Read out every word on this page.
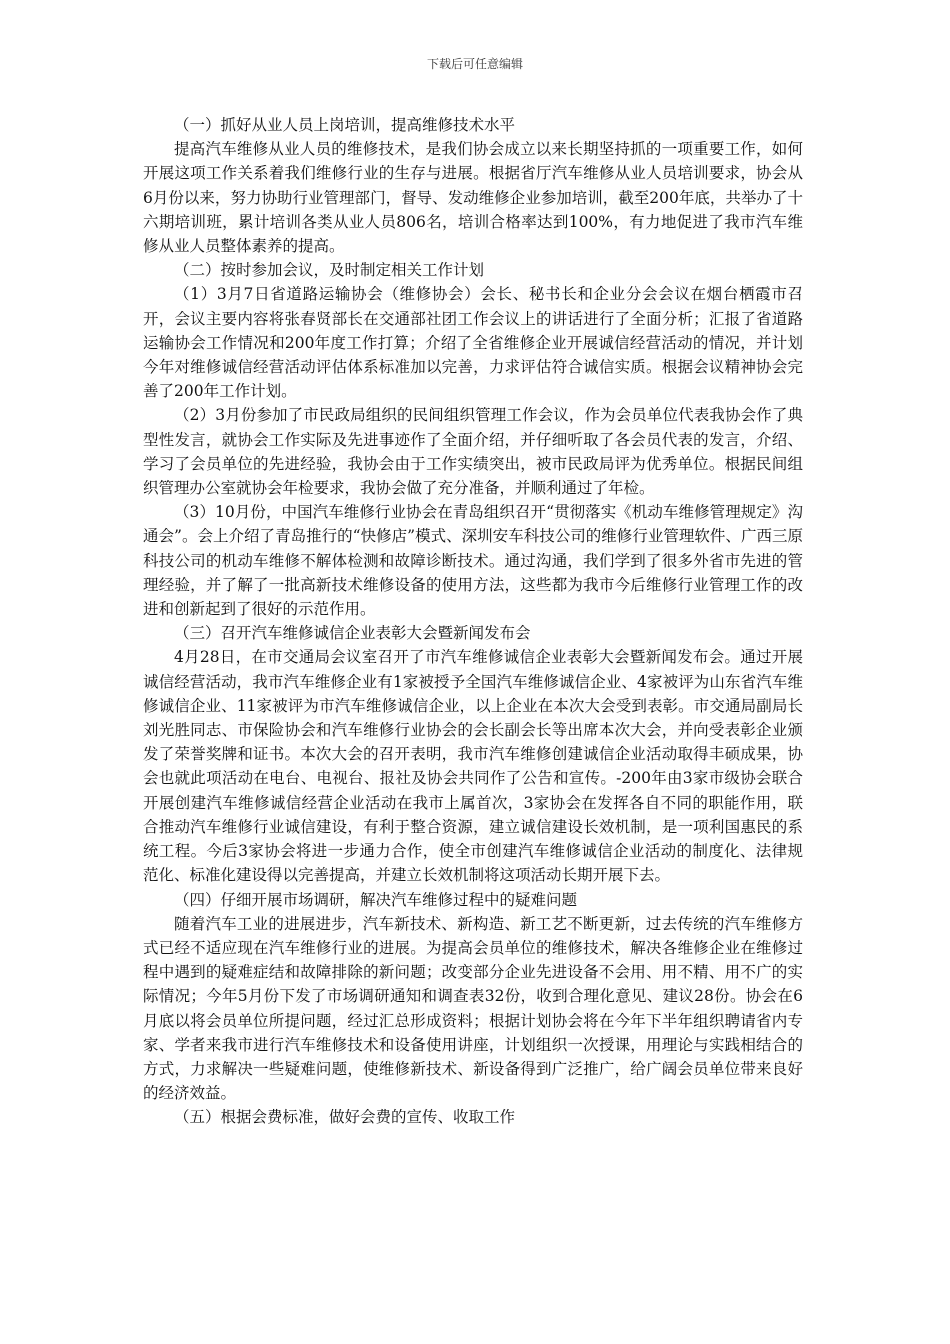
下载后可任意编辑

（一）抓好从业人员上岗培训，提高维修技术水平

提高汽车维修从业人员的维修技术，是我们协会成立以来长期坚持抓的一项重要工作，如何开展这项工作关系着我们维修行业的生存与进展。根据省厅汽车维修从业人员培训要求，协会从6月份以来，努力协助行业管理部门，督导、发动维修企业参加培训，截至200年底，共举办了十六期培训班，累计培训各类从业人员806名，培训合格率达到100%，有力地促进了我市汽车维修从业人员整体素养的提高。

（二）按时参加会议，及时制定相关工作计划

（1）3月7日省道路运输协会（维修协会）会长、秘书长和企业分会会议在烟台栖霞市召开，会议主要内容将张春贤部长在交通部社团工作会议上的讲话进行了全面分析；汇报了省道路运输协会工作情况和200年度工作打算；介绍了全省维修企业开展诚信经营活动的情况，并计划今年对维修诚信经营活动评估体系标准加以完善，力求评估符合诚信实质。根据会议精神协会完善了200年工作计划。

（2）3月份参加了市民政局组织的民间组织管理工作会议，作为会员单位代表我协会作了典型性发言，就协会工作实际及先进事迹作了全面介绍，并仔细听取了各会员代表的发言，介绍、学习了会员单位的先进经验，我协会由于工作实绩突出，被市民政局评为优秀单位。根据民间组织管理办公室就协会年检要求，我协会做了充分准备，并顺利通过了年检。

（3）10月份，中国汽车维修行业协会在青岛组织召开“贯彻落实《机动车维修管理规定》沟通会”。会上介绍了青岛推行的“快修店”模式、深圳安车科技公司的维修行业管理软件、广西三原科技公司的机动车维修不解体检测和故障诊断技术。通过沟通，我们学到了很多外省市先进的管理经验，并了解了一批高新技术维修设备的使用方法，这些都为我市今后维修行业管理工作的改进和创新起到了很好的示范作用。

（三）召开汽车维修诚信企业表彰大会暨新闻发布会

4月28日，在市交通局会议室召开了市汽车维修诚信企业表彰大会暨新闻发布会。通过开展诚信经营活动，我市汽车维修企业有1家被授予全国汽车维修诚信企业、4家被评为山东省汽车维修诚信企业、11家被评为市汽车维修诚信企业，以上企业在本次大会受到表彰。市交通局副局长刘光胜同志、市保险协会和汽车维修行业协会的会长副会长等出席本次大会，并向受表彰企业颁发了荣誉奖牌和证书。本次大会的召开表明，我市汽车维修创建诚信企业活动取得丰硕成果，协会也就此项活动在电台、电视台、报社及协会共同作了公告和宣传。-200年由3家市级协会联合开展创建汽车维修诚信经营企业活动在我市上属首次，3家协会在发挥各自不同的职能作用，联合推动汽车维修行业诚信建设，有利于整合资源，建立诚信建设长效机制，是一项利国惠民的系统工程。今后3家协会将进一步通力合作，使全市创建汽车维修诚信企业活动的制度化、法律规范化、标准化建设得以完善提高，并建立长效机制将这项活动长期开展下去。

（四）仔细开展市场调研，解决汽车维修过程中的疑难问题

随着汽车工业的进展进步，汽车新技术、新构造、新工艺不断更新，过去传统的汽车维修方式已经不适应现在汽车维修行业的进展。为提高会员单位的维修技术，解决各维修企业在维修过程中遇到的疑难症结和故障排除的新问题；改变部分企业先进设备不会用、用不精、用不广的实际情况；今年5月份下发了市场调研通知和调查表32份，收到合理化意见、建议28份。协会在6月底以将会员单位所提问题，经过汇总形成资料；根据计划协会将在今年下半年组织聘请省内专家、学者来我市进行汽车维修技术和设备使用讲座，计划组织一次授课，用理论与实践相结合的方式，力求解决一些疑难问题，使维修新技术、新设备得到广泛推广，给广阔会员单位带来良好的经济效益。

（五）根据会费标准，做好会费的宣传、收取工作
